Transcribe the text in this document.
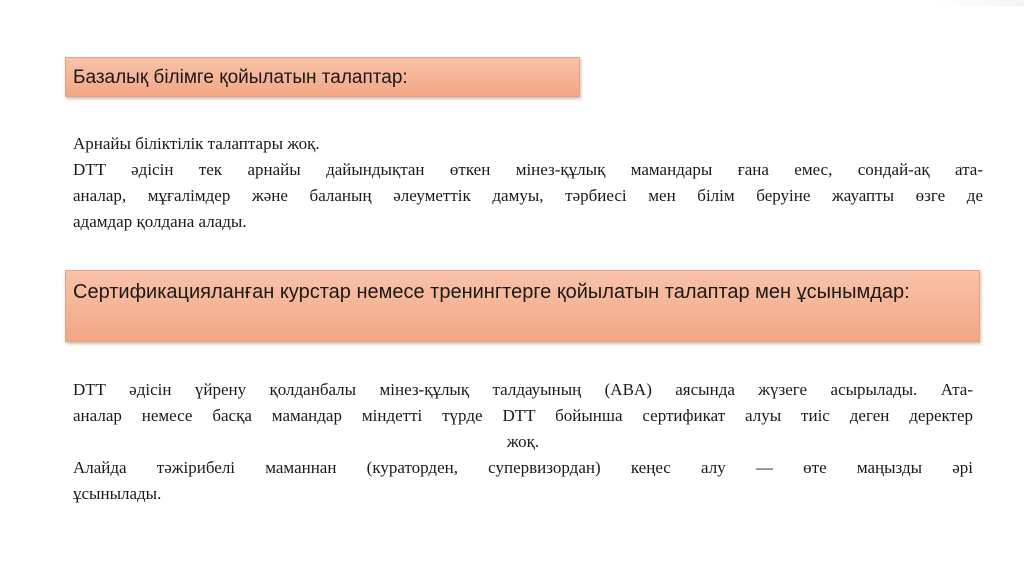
Базалық білімге қойылатын талаптар:
Арнайы біліктілік талаптары жоқ.
DTT әдісін тек арнайы дайындықтан өткен мінез-құлық мамандары ғана емес, сондай-ақ ата-
аналар, мұғалімдер және баланың әлеуметтік дамуы, тәрбиесі мен білім беруіне жауапты өзге де
адамдар қолдана алады.
Сертификацияланған курстар немесе тренингтерге қойылатын талаптар мен ұсынымдар:
DTT әдісін үйрену қолданбалы мінез-құлық талдауының (ABA) аясында жүзеге асырылады. Ата-
аналар немесе басқа мамандар міндетті түрде DTT бойынша сертификат алуы тиіс деген деректер
жоқ.
Алайда тәжірибелі маманнан (кураторден, супервизордан) кеңес алу — өте маңызды әрі
ұсынылады.
